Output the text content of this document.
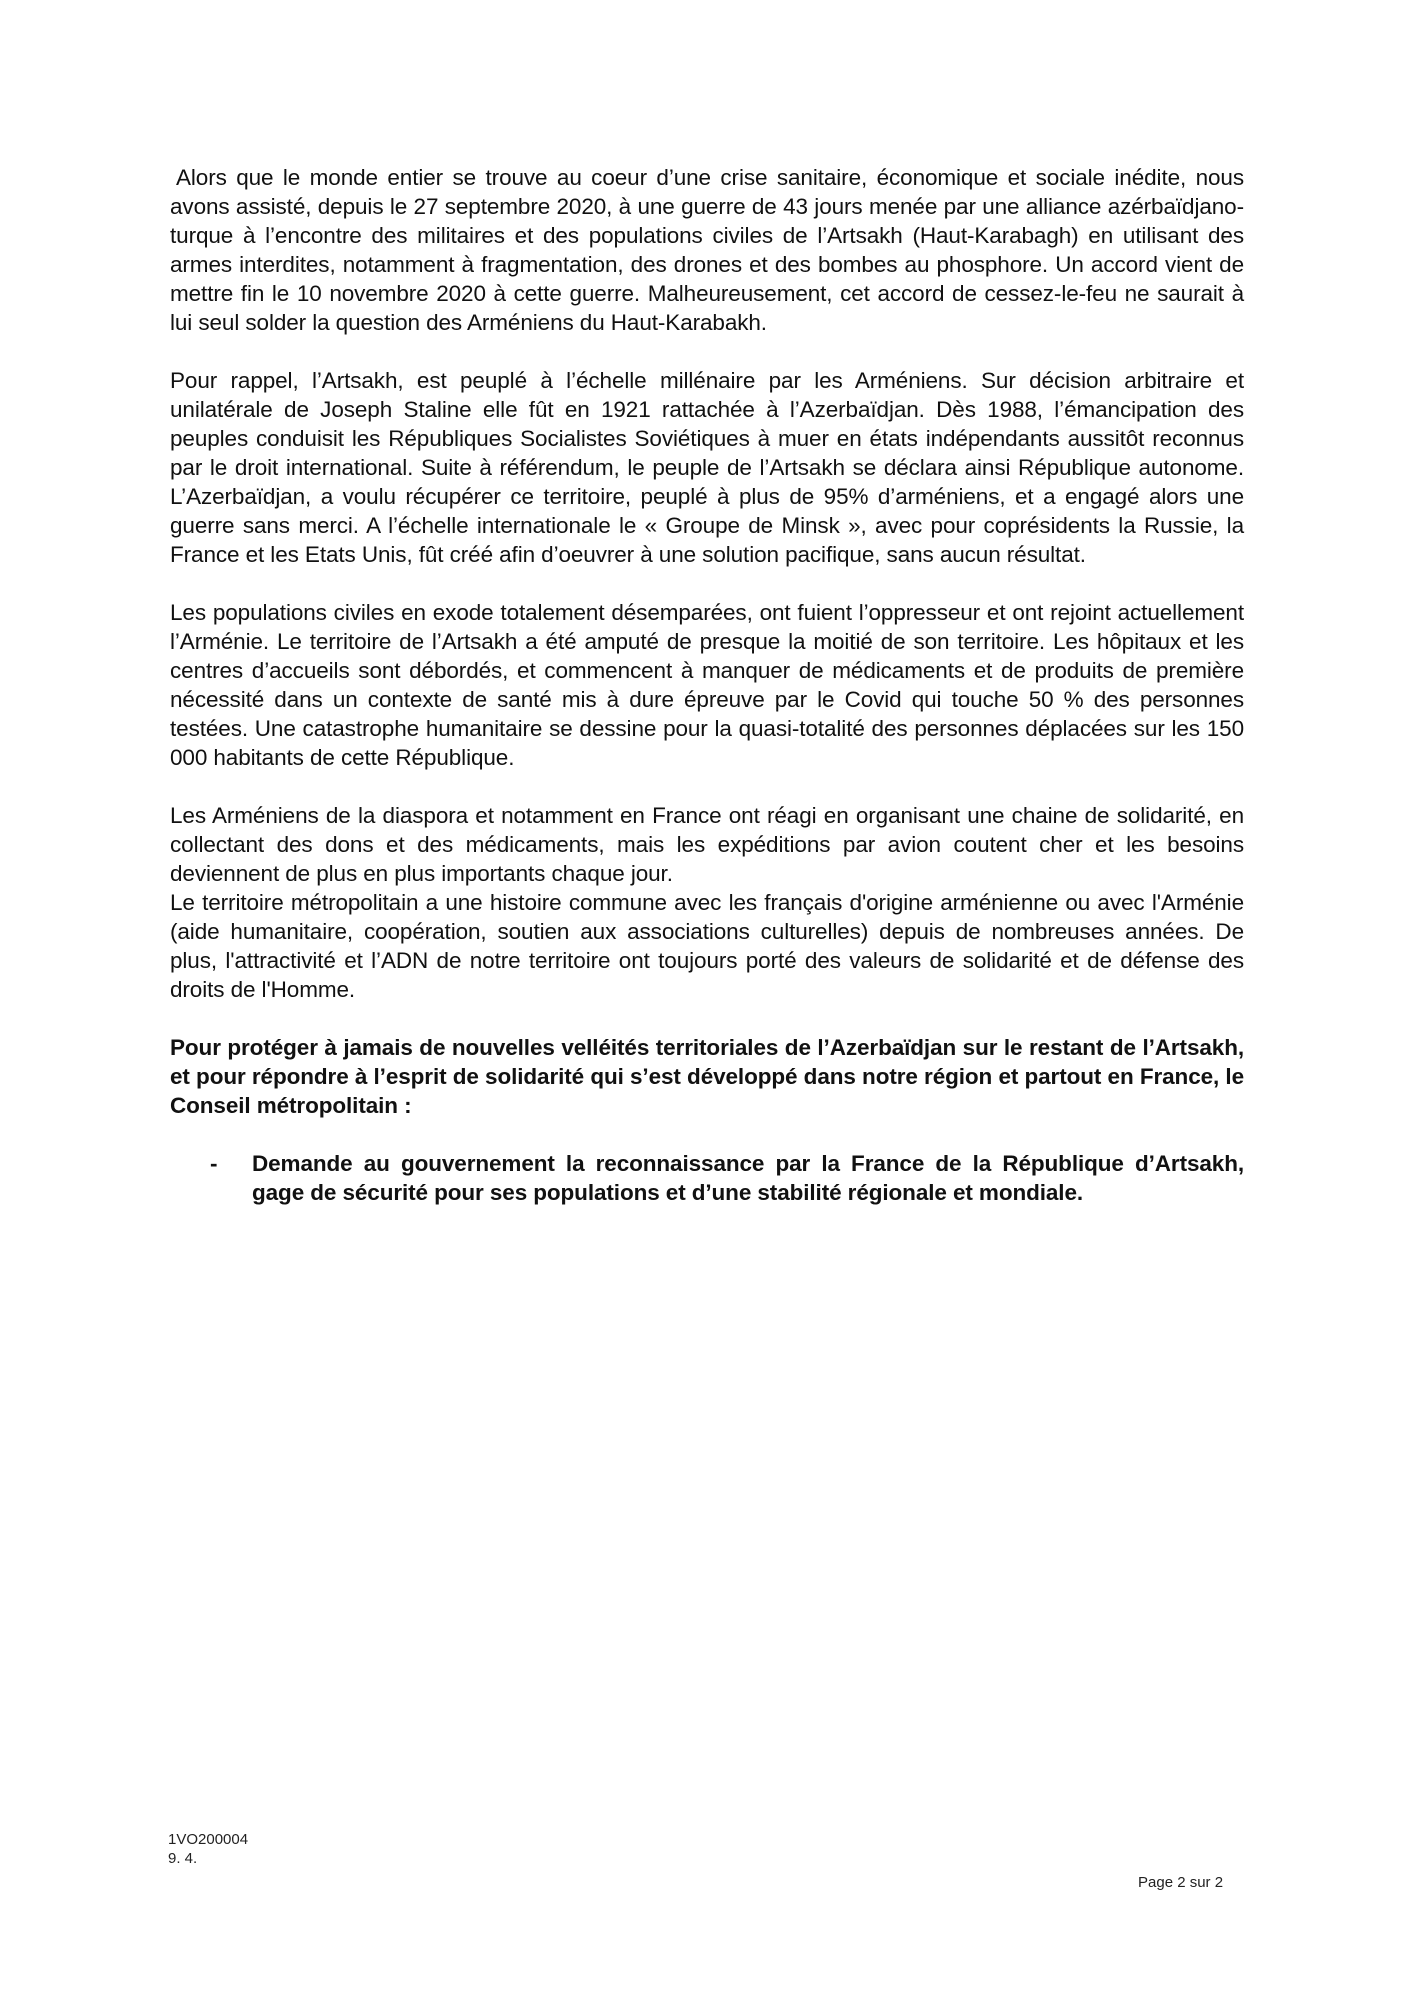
Alors que le monde entier se trouve au coeur d’une crise sanitaire, économique et sociale inédite, nous avons assisté, depuis le 27 septembre 2020, à une guerre de 43 jours menée par une alliance azérbaïdjano-turque à l’encontre des militaires et des populations civiles de l’Artsakh (Haut-Karabagh) en utilisant des armes interdites, notamment à fragmentation, des drones et des bombes au phosphore. Un accord vient de mettre fin le 10 novembre 2020 à cette guerre. Malheureusement, cet accord de cessez-le-feu ne saurait à lui seul solder la question des Arméniens du Haut-Karabakh.

Pour rappel, l’Artsakh, est peuplé à l’échelle millénaire par les Arméniens. Sur décision arbitraire et unilatérale de Joseph Staline elle fût en 1921 rattachée à l’Azerbaïdjan. Dès 1988, l’émancipation des peuples conduisit les Républiques Socialistes Soviétiques à muer en états indépendants aussitôt reconnus par le droit international. Suite à référendum, le peuple de l’Artsakh se déclara ainsi République autonome. L’Azerbaïdjan, a voulu récupérer ce territoire, peuplé à plus de 95% d’arméniens, et a engagé alors une guerre sans merci. A l’échelle internationale le « Groupe de Minsk », avec pour coprésidents la Russie, la France et les Etats Unis, fût créé afin d’oeuvrer à une solution pacifique, sans aucun résultat.

Les populations civiles en exode totalement désemparées, ont fuient l’oppresseur et ont rejoint actuellement l’Arménie. Le territoire de l’Artsakh a été amputé de presque la moitié de son territoire. Les hôpitaux et les centres d’accueils sont débordés, et commencent à manquer de médicaments et de produits de première nécessité dans un contexte de santé mis à dure épreuve par le Covid qui touche 50 % des personnes testées. Une catastrophe humanitaire se dessine pour la quasi-totalité des personnes déplacées sur les 150 000 habitants de cette République.

Les Arméniens de la diaspora et notamment en France ont réagi en organisant une chaine de solidarité, en collectant des dons et des médicaments, mais les expéditions par avion coutent cher et les besoins deviennent de plus en plus importants chaque jour.

Le territoire métropolitain a une histoire commune avec les français d'origine arménienne ou avec l'Arménie (aide humanitaire, coopération, soutien aux associations culturelles) depuis de nombreuses années. De plus, l'attractivité et l’ADN de notre territoire ont toujours porté des valeurs de solidarité et de défense des droits de l'Homme.

Pour protéger à jamais de nouvelles velléités territoriales de l’Azerbaïdjan sur le restant de l’Artsakh, et pour répondre à l’esprit de solidarité qui s’est développé dans notre région et partout en France, le Conseil métropolitain :

- Demande au gouvernement la reconnaissance par la France de la République d’Artsakh, gage de sécurité pour ses populations et d’une stabilité régionale et mondiale.
1VO200004
9. 4.
Page 2 sur 2
